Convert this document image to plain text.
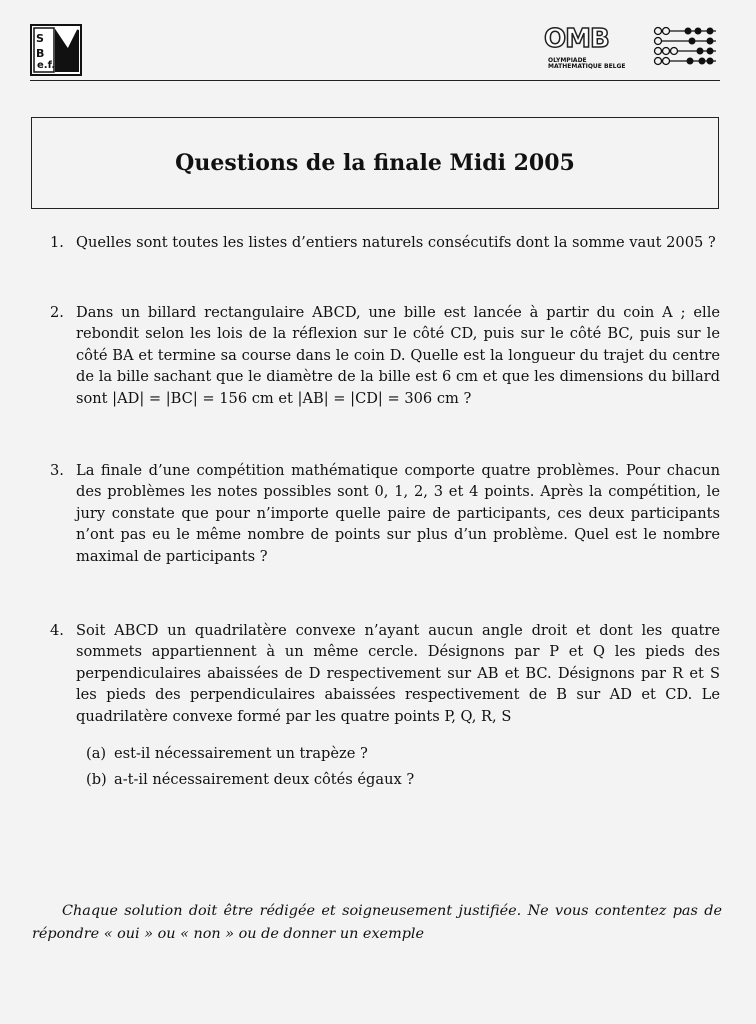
S
B
e.f.
OMB
OLYMPIADE
MATHEMATIQUE BELGE
Questions de la finale Midi 2005
1. Quelles sont toutes les listes d’entiers naturels consécutifs dont la somme vaut 2005 ?
2. Dans un billard rectangulaire ABCD, une bille est lancée à partir du coin A ; elle rebondit selon les lois de la réflexion sur le côté CD, puis sur le côté BC, puis sur le côté BA et termine sa course dans le coin D. Quelle est la longueur du trajet du centre de la bille sachant que le diamètre de la bille est 6 cm et que les dimensions du billard sont |AD| = |BC| = 156 cm et |AB| = |CD| = 306 cm ?
3. La finale d’une compétition mathématique comporte quatre problèmes. Pour chacun des problèmes les notes possibles sont 0, 1, 2, 3 et 4 points. Après la compétition, le jury constate que pour n’importe quelle paire de participants, ces deux participants n’ont pas eu le même nombre de points sur plus d’un problème. Quel est le nombre maximal de participants ?
4. Soit ABCD un quadrilatère convexe n’ayant aucun angle droit et dont les quatre sommets appartiennent à un même cercle. Désignons par P et Q les pieds des perpendiculaires abaissées de D respectivement sur AB et BC. Désignons par R et S les pieds des perpendiculaires abaissées respectivement de B sur AD et CD. Le quadrilatère convexe formé par les quatre points P, Q, R, S
(a) est-il nécessairement un trapèze ?
(b) a-t-il nécessairement deux côtés égaux ?
Chaque solution doit être rédigée et soigneusement justifiée. Ne vous contentez pas de répondre « oui » ou « non » ou de donner un exemple
